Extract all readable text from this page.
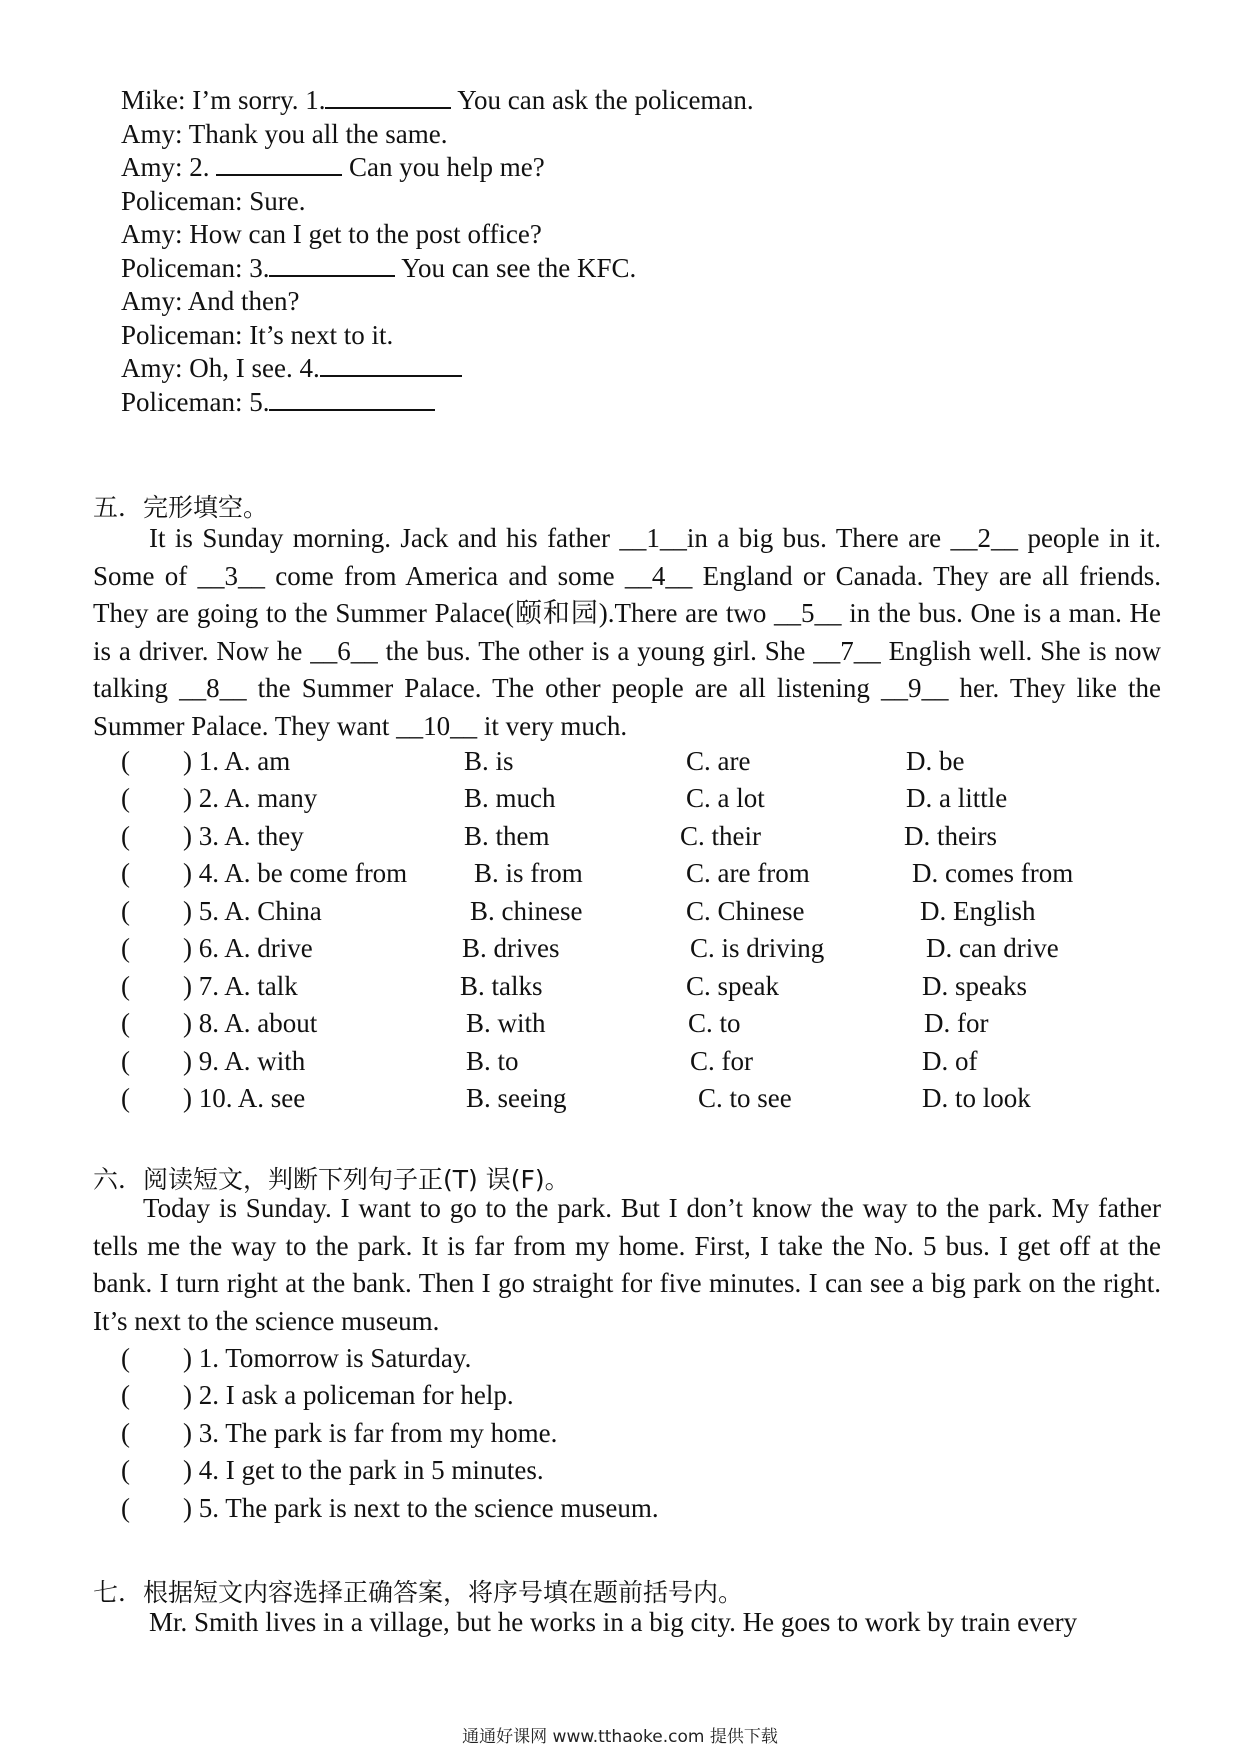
Mike: I’m sorry. 1.	You can ask the policeman.
Amy: Thank you all the same.
Amy: 2.	Can you help me?
Policeman: Sure.
Amy: How can I get to the post office?
Policeman: 3.	You can see the KFC.
Amy: And then?
Policeman: It’s next to it.
Amy: Oh, I see. 4.
Policeman: 5.
五．完形填空。
It is Sunday morning. Jack and his father __1__in a big bus. There are __2__ people in it. Some of __3__ come from America and some __4__ England or Canada. They are all friends. They are going to the Summer Palace(颐和园).There are two __5__ in the bus. One is a man. He is a driver. Now he __6__ the bus. The other is a young girl. She __7__ English well. She is now talking __8__ the Summer Palace. The other people are all listening __9__ her. They like the Summer Palace. They want __10__ it very much.
( ) 1. A. am	B. is	C. are	D. be
( ) 2. A. many	B. much	C. a lot	D. a little
( ) 3. A. they	B. them	C. their	D. theirs
( ) 4. A. be come from B. is from	C. are from	D. comes from
( ) 5. A. China	B. chinese	C. Chinese	D. English
( ) 6. A. drive	B. drives	C. is driving	D. can drive
( ) 7. A. talk	B. talks	C. speak	D. speaks
( ) 8. A. about	B. with	C. to	D. for
( ) 9. A. with	B. to	C. for	D. of
( ) 10. A. see	B. seeing	C. to see	D. to look
六．阅读短文，判断下列句子正(T) 误(F)。
Today is Sunday. I want to go to the park. But I don’t know the way to the park. My father tells me the way to the park. It is far from my home. First, I take the No. 5 bus. I get off at the bank. I turn right at the bank. Then I go straight for five minutes. I can see a big park on the right. It’s next to the science museum.
( ) 1. Tomorrow is Saturday.
( ) 2. I ask a policeman for help.
( ) 3. The park is far from my home.
( ) 4. I get to the park in 5 minutes.
( ) 5. The park is next to the science museum.
七．根据短文内容选择正确答案，将序号填在题前括号内。
Mr. Smith lives in a village, but he works in a big city. He goes to work by train every
通通好课网 www.tthaoke.com 提供下载
